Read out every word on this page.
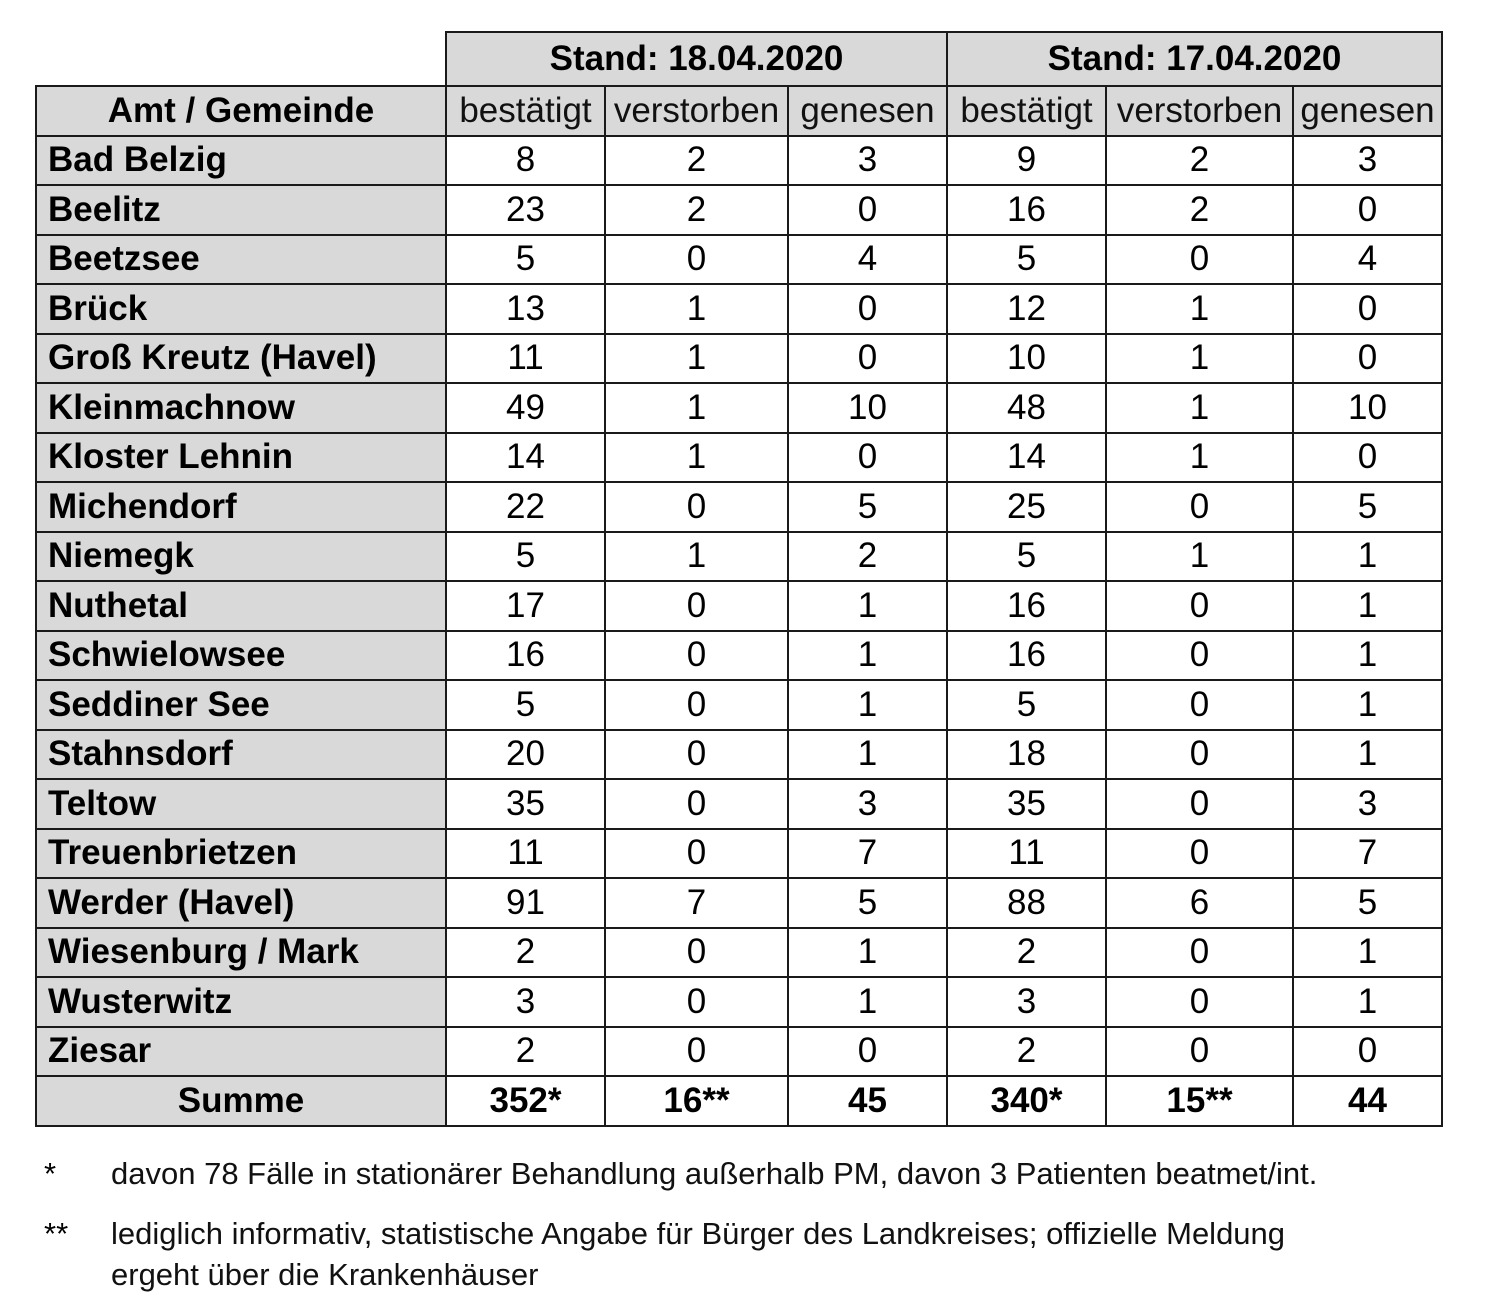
	Stand: 18.04.2020			Stand: 17.04.2020		
Amt / Gemeinde	bestätigt	verstorben	genesen	bestätigt	verstorben	genesen
Bad Belzig	8	2	3	9	2	3
Beelitz	23	2	0	16	2	0
Beetzsee	5	0	4	5	0	4
Brück	13	1	0	12	1	0
Groß Kreutz (Havel)	11	1	0	10	1	0
Kleinmachnow	49	1	10	48	1	10
Kloster Lehnin	14	1	0	14	1	0
Michendorf	22	0	5	25	0	5
Niemegk	5	1	2	5	1	1
Nuthetal	17	0	1	16	0	1
Schwielowsee	16	0	1	16	0	1
Seddiner See	5	0	1	5	0	1
Stahnsdorf	20	0	1	18	0	1
Teltow	35	0	3	35	0	3
Treuenbrietzen	11	0	7	11	0	7
Werder (Havel)	91	7	5	88	6	5
Wiesenburg / Mark	2	0	1	2	0	1
Wusterwitz	3	0	1	3	0	1
Ziesar	2	0	0	2	0	0
Summe	352*	16**	45	340*	15**	44
* davon 78 Fälle in stationärer Behandlung außerhalb PM, davon 3 Patienten beatmet/int.
** lediglich informativ, statistische Angabe für Bürger des Landkreises; offizielle Meldung
ergeht über die Krankenhäuser
